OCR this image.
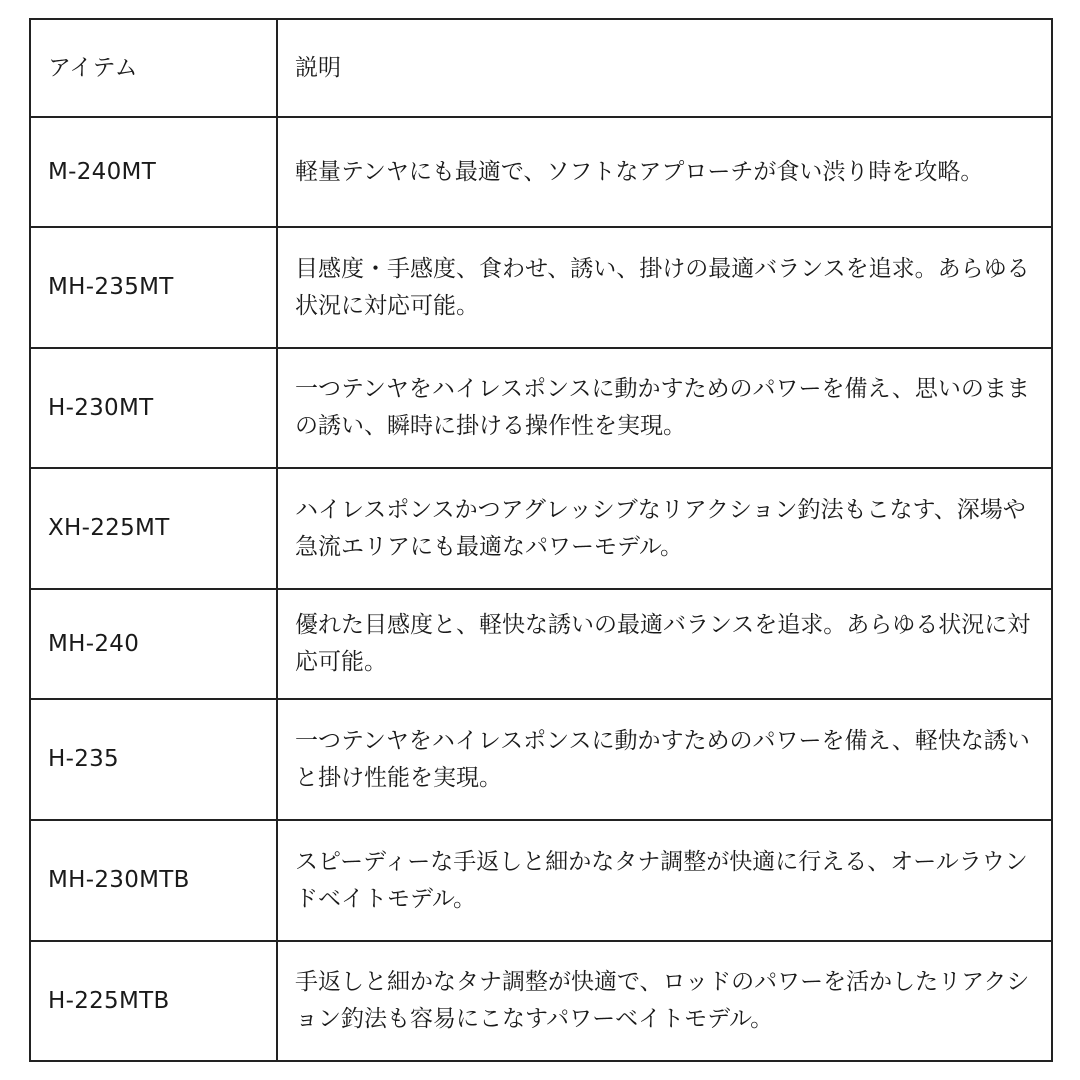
アイテム	説明
M-240MT	軽量テンヤにも最適で、ソフトなアプローチが食い渋り時を攻略。
MH-235MT	目感度・手感度、食わせ、誘い、掛けの最適バランスを追求。あらゆる状況に対応可能。
H-230MT	一つテンヤをハイレスポンスに動かすためのパワーを備え、思いのままの誘い、瞬時に掛ける操作性を実現。
XH-225MT	ハイレスポンスかつアグレッシブなリアクション釣法もこなす、深場や急流エリアにも最適なパワーモデル。
MH-240	優れた目感度と、軽快な誘いの最適バランスを追求。あらゆる状況に対応可能。
H-235	一つテンヤをハイレスポンスに動かすためのパワーを備え、軽快な誘いと掛け性能を実現。
MH-230MTB	スピーディーな手返しと細かなタナ調整が快適に行える、オールラウンドベイトモデル。
H-225MTB	手返しと細かなタナ調整が快適で、ロッドのパワーを活かしたリアクション釣法も容易にこなすパワーベイトモデル。
